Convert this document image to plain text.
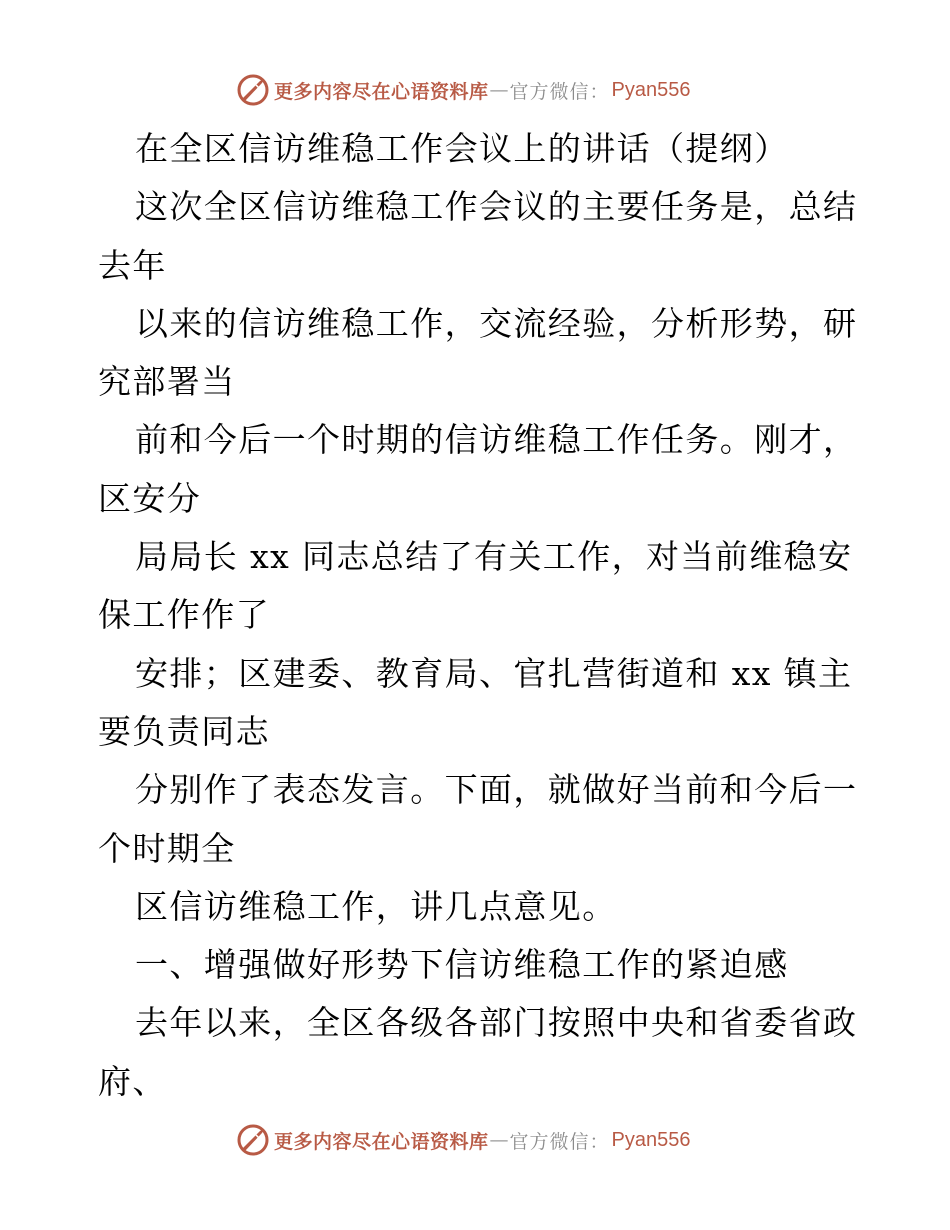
更多内容尽在心语资料库 — 官方微信： Pyan556
在全区信访维稳工作会议上的讲话（提纲）
这次全区信访维稳工作会议的主要任务是，总结
去年
以来的信访维稳工作，交流经验，分析形势，研
究部署当
前和今后一个时期的信访维稳工作任务。刚才，
区安分
局局长 xx 同志总结了有关工作，对当前维稳安
保工作作了
安排；区建委、教育局、官扎营街道和 xx 镇主
要负责同志
分别作了表态发言。下面，就做好当前和今后一
个时期全
区信访维稳工作，讲几点意见。
一、增强做好形势下信访维稳工作的紧迫感
去年以来，全区各级各部门按照中央和省委省政
府、
更多内容尽在心语资料库 — 官方微信： Pyan556
